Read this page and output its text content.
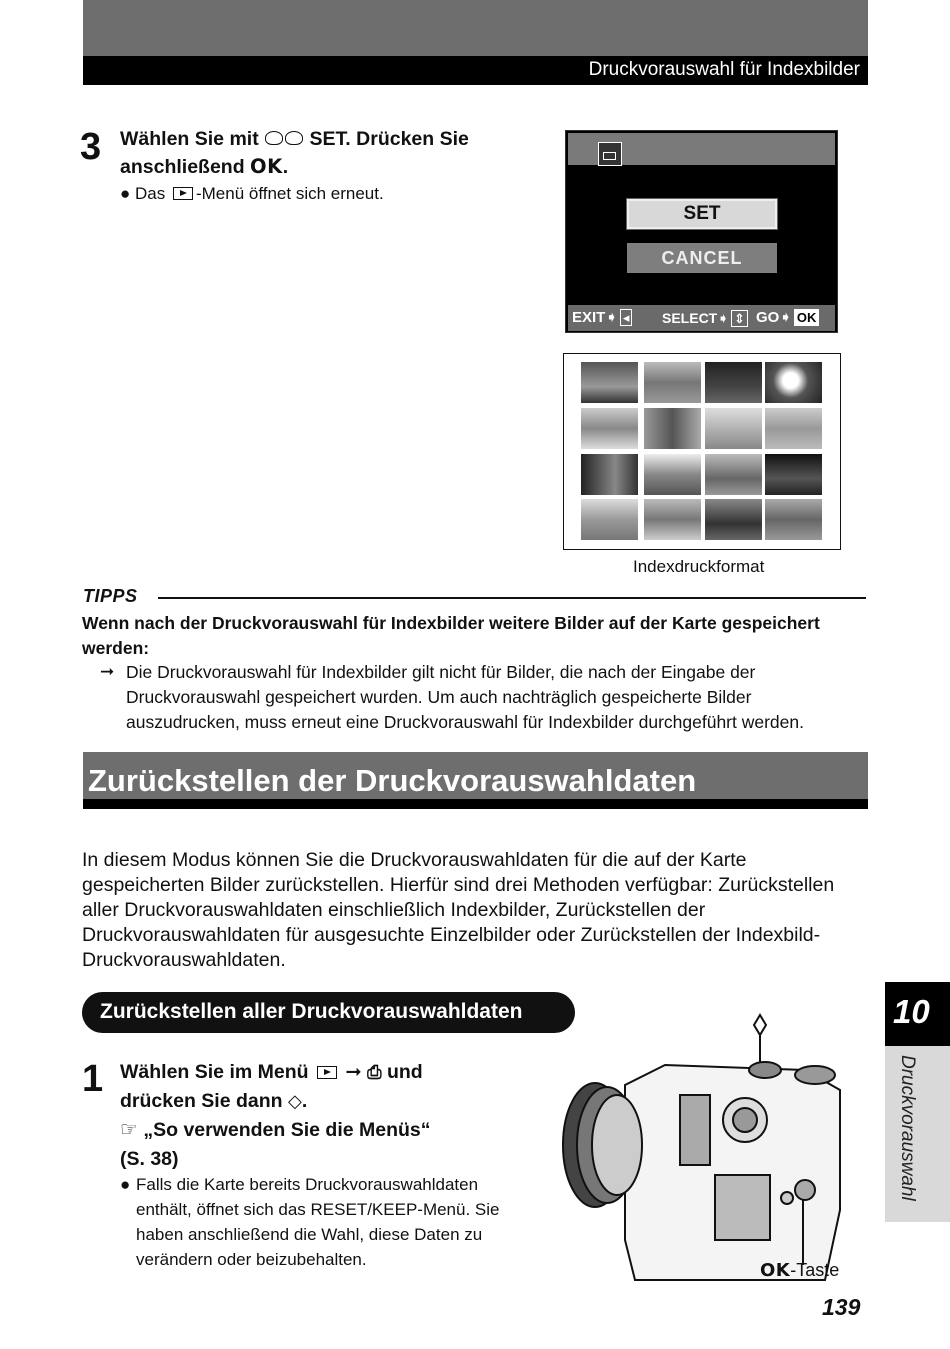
Druckvorauswahl für Indexbilder
3 Wählen Sie mit	SET. Drücken Sie
anschließend OK.
● Das -Menü öffnet sich erneut.
SET
CANCEL
EXIT➧ ◂ SELECT➧ ⇕ GO➧ OK
Indexdruckformat
TIPPS
Wenn nach der Druckvorauswahl für Indexbilder weitere Bilder auf der Karte gespeichert werden:
➞ Die Druckvorauswahl für Indexbilder gilt nicht für Bilder, die nach der Eingabe der Druckvorauswahl gespeichert wurden. Um auch nachträglich gespeicherte Bilder auszudrucken, muss erneut eine Druckvorauswahl für Indexbilder durchgeführt werden.
Zurückstellen der Druckvorauswahldaten
In diesem Modus können Sie die Druckvorauswahldaten für die auf der Karte gespeicherten Bilder zurückstellen. Hierfür sind drei Methoden verfügbar: Zurückstellen aller Druckvorauswahldaten einschließlich Indexbilder, Zurückstellen der Druckvorauswahldaten für ausgesuchte Einzelbilder oder Zurückstellen der Indexbild-Druckvorauswahldaten.
Zurückstellen aller Druckvorauswahldaten
1 Wählen Sie im Menü ➞ ⎙ und
drücken Sie dann ◇.
☞ „So verwenden Sie die Menüs“
(S. 38)
● Falls die Karte bereits Druckvorauswahldaten enthält, öffnet sich das RESET/KEEP-Menü. Sie haben anschließend die Wahl, diese Daten zu verändern oder beizubehalten.
OK-Taste
10
Druckvorauswahl
139
